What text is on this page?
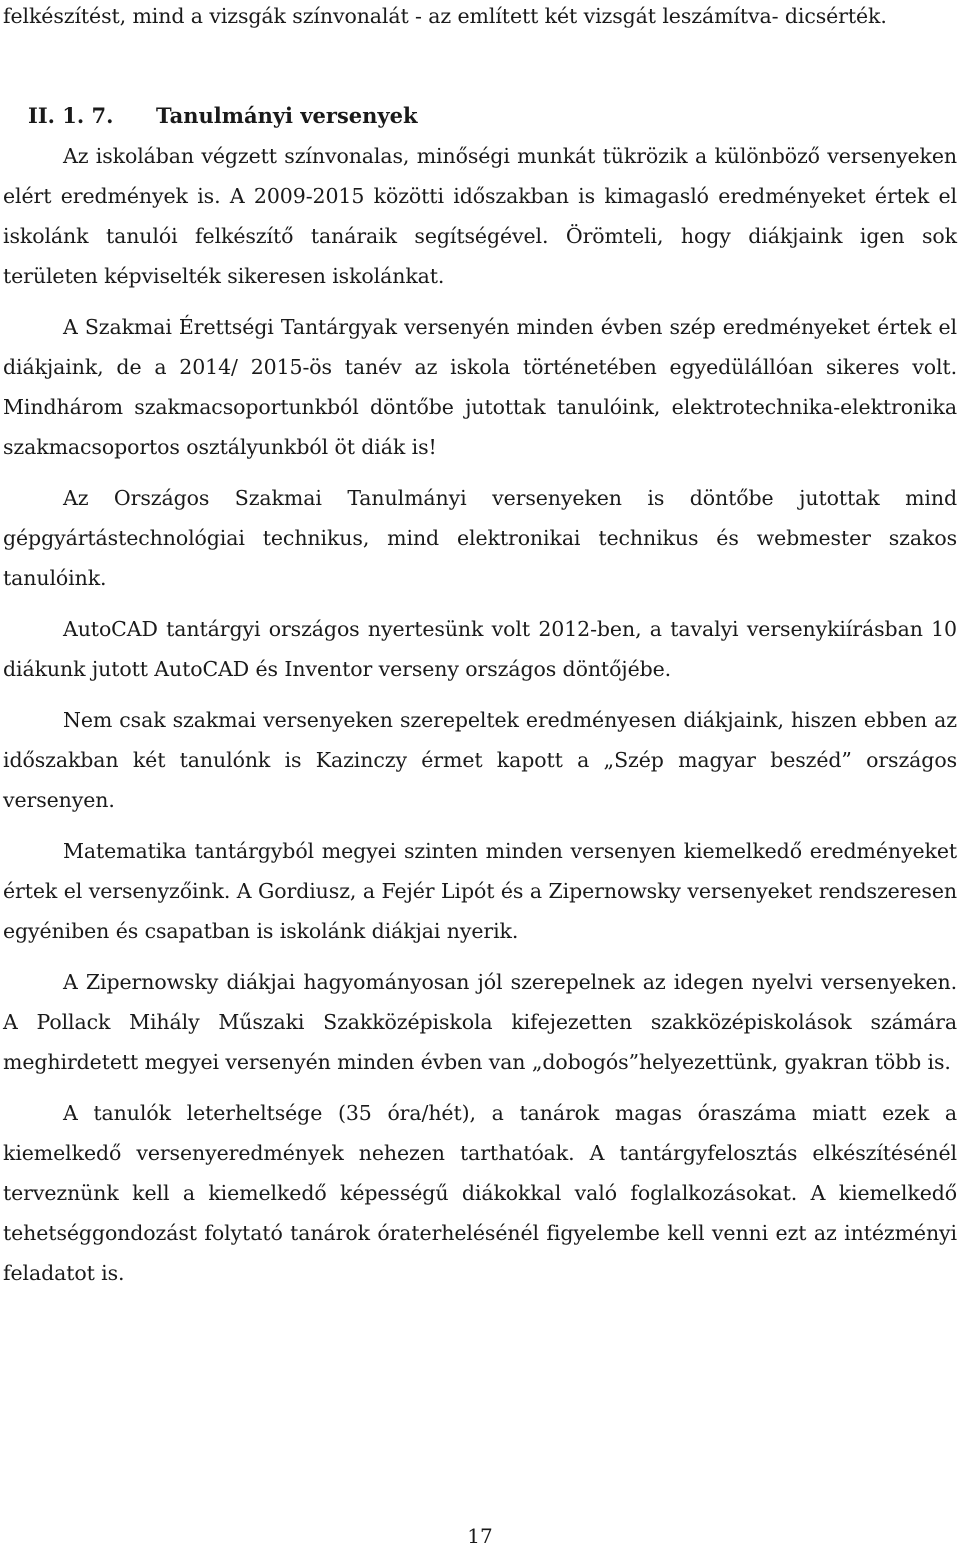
felkészítést, mind a vizsgák színvonalát - az említett két vizsgát leszámítva- dicsérték.

II. 1. 7. Tanulmányi versenyek

Az iskolában végzett színvonalas, minőségi munkát tükrözik a különböző versenyeken elért eredmények is. A 2009-2015 közötti időszakban is kimagasló eredményeket értek el iskolánk tanulói felkészítő tanáraik segítségével. Örömteli, hogy diákjaink igen sok területen képviselték sikeresen iskolánkat.

A Szakmai Érettségi Tantárgyak versenyén minden évben szép eredményeket értek el diákjaink, de a 2014/ 2015-ös tanév az iskola történetében egyedülállóan sikeres volt. Mindhárom szakmacsoportunkból döntőbe jutottak tanulóink, elektrotechnika-elektronika szakmacsoportos osztályunkból öt diák is!

Az Országos Szakmai Tanulmányi versenyeken is döntőbe jutottak mind gépgyártástechnológiai technikus, mind elektronikai technikus és webmester szakos tanulóink.

AutoCAD tantárgyi országos nyertesünk volt 2012-ben, a tavalyi versenykiírásban 10 diákunk jutott AutoCAD és Inventor verseny országos döntőjébe.

Nem csak szakmai versenyeken szerepeltek eredményesen diákjaink, hiszen ebben az időszakban két tanulónk is Kazinczy érmet kapott a „Szép magyar beszéd” országos versenyen.

Matematika tantárgyból megyei szinten minden versenyen kiemelkedő eredményeket értek el versenyzőink. A Gordiusz, a Fejér Lipót és a Zipernowsky versenyeket rendszeresen egyéniben és csapatban is iskolánk diákjai nyerik.

A Zipernowsky diákjai hagyományosan jól szerepelnek az idegen nyelvi versenyeken. A Pollack Mihály Műszaki Szakközépiskola kifejezetten szakközépiskolások számára meghirdetett megyei versenyén minden évben van „dobogós”helyezettünk, gyakran több is.

A tanulók leterheltsége (35 óra/hét), a tanárok magas óraszáma miatt ezek a kiemelkedő versenyeredmények nehezen tarthatóak. A tantárgyfelosztás elkészítésénél terveznünk kell a kiemelkedő képességű diákokkal való foglalkozásokat. A kiemelkedő tehetséggondozást folytató tanárok óraterhelésénél figyelembe kell venni ezt az intézményi feladatot is.

17
